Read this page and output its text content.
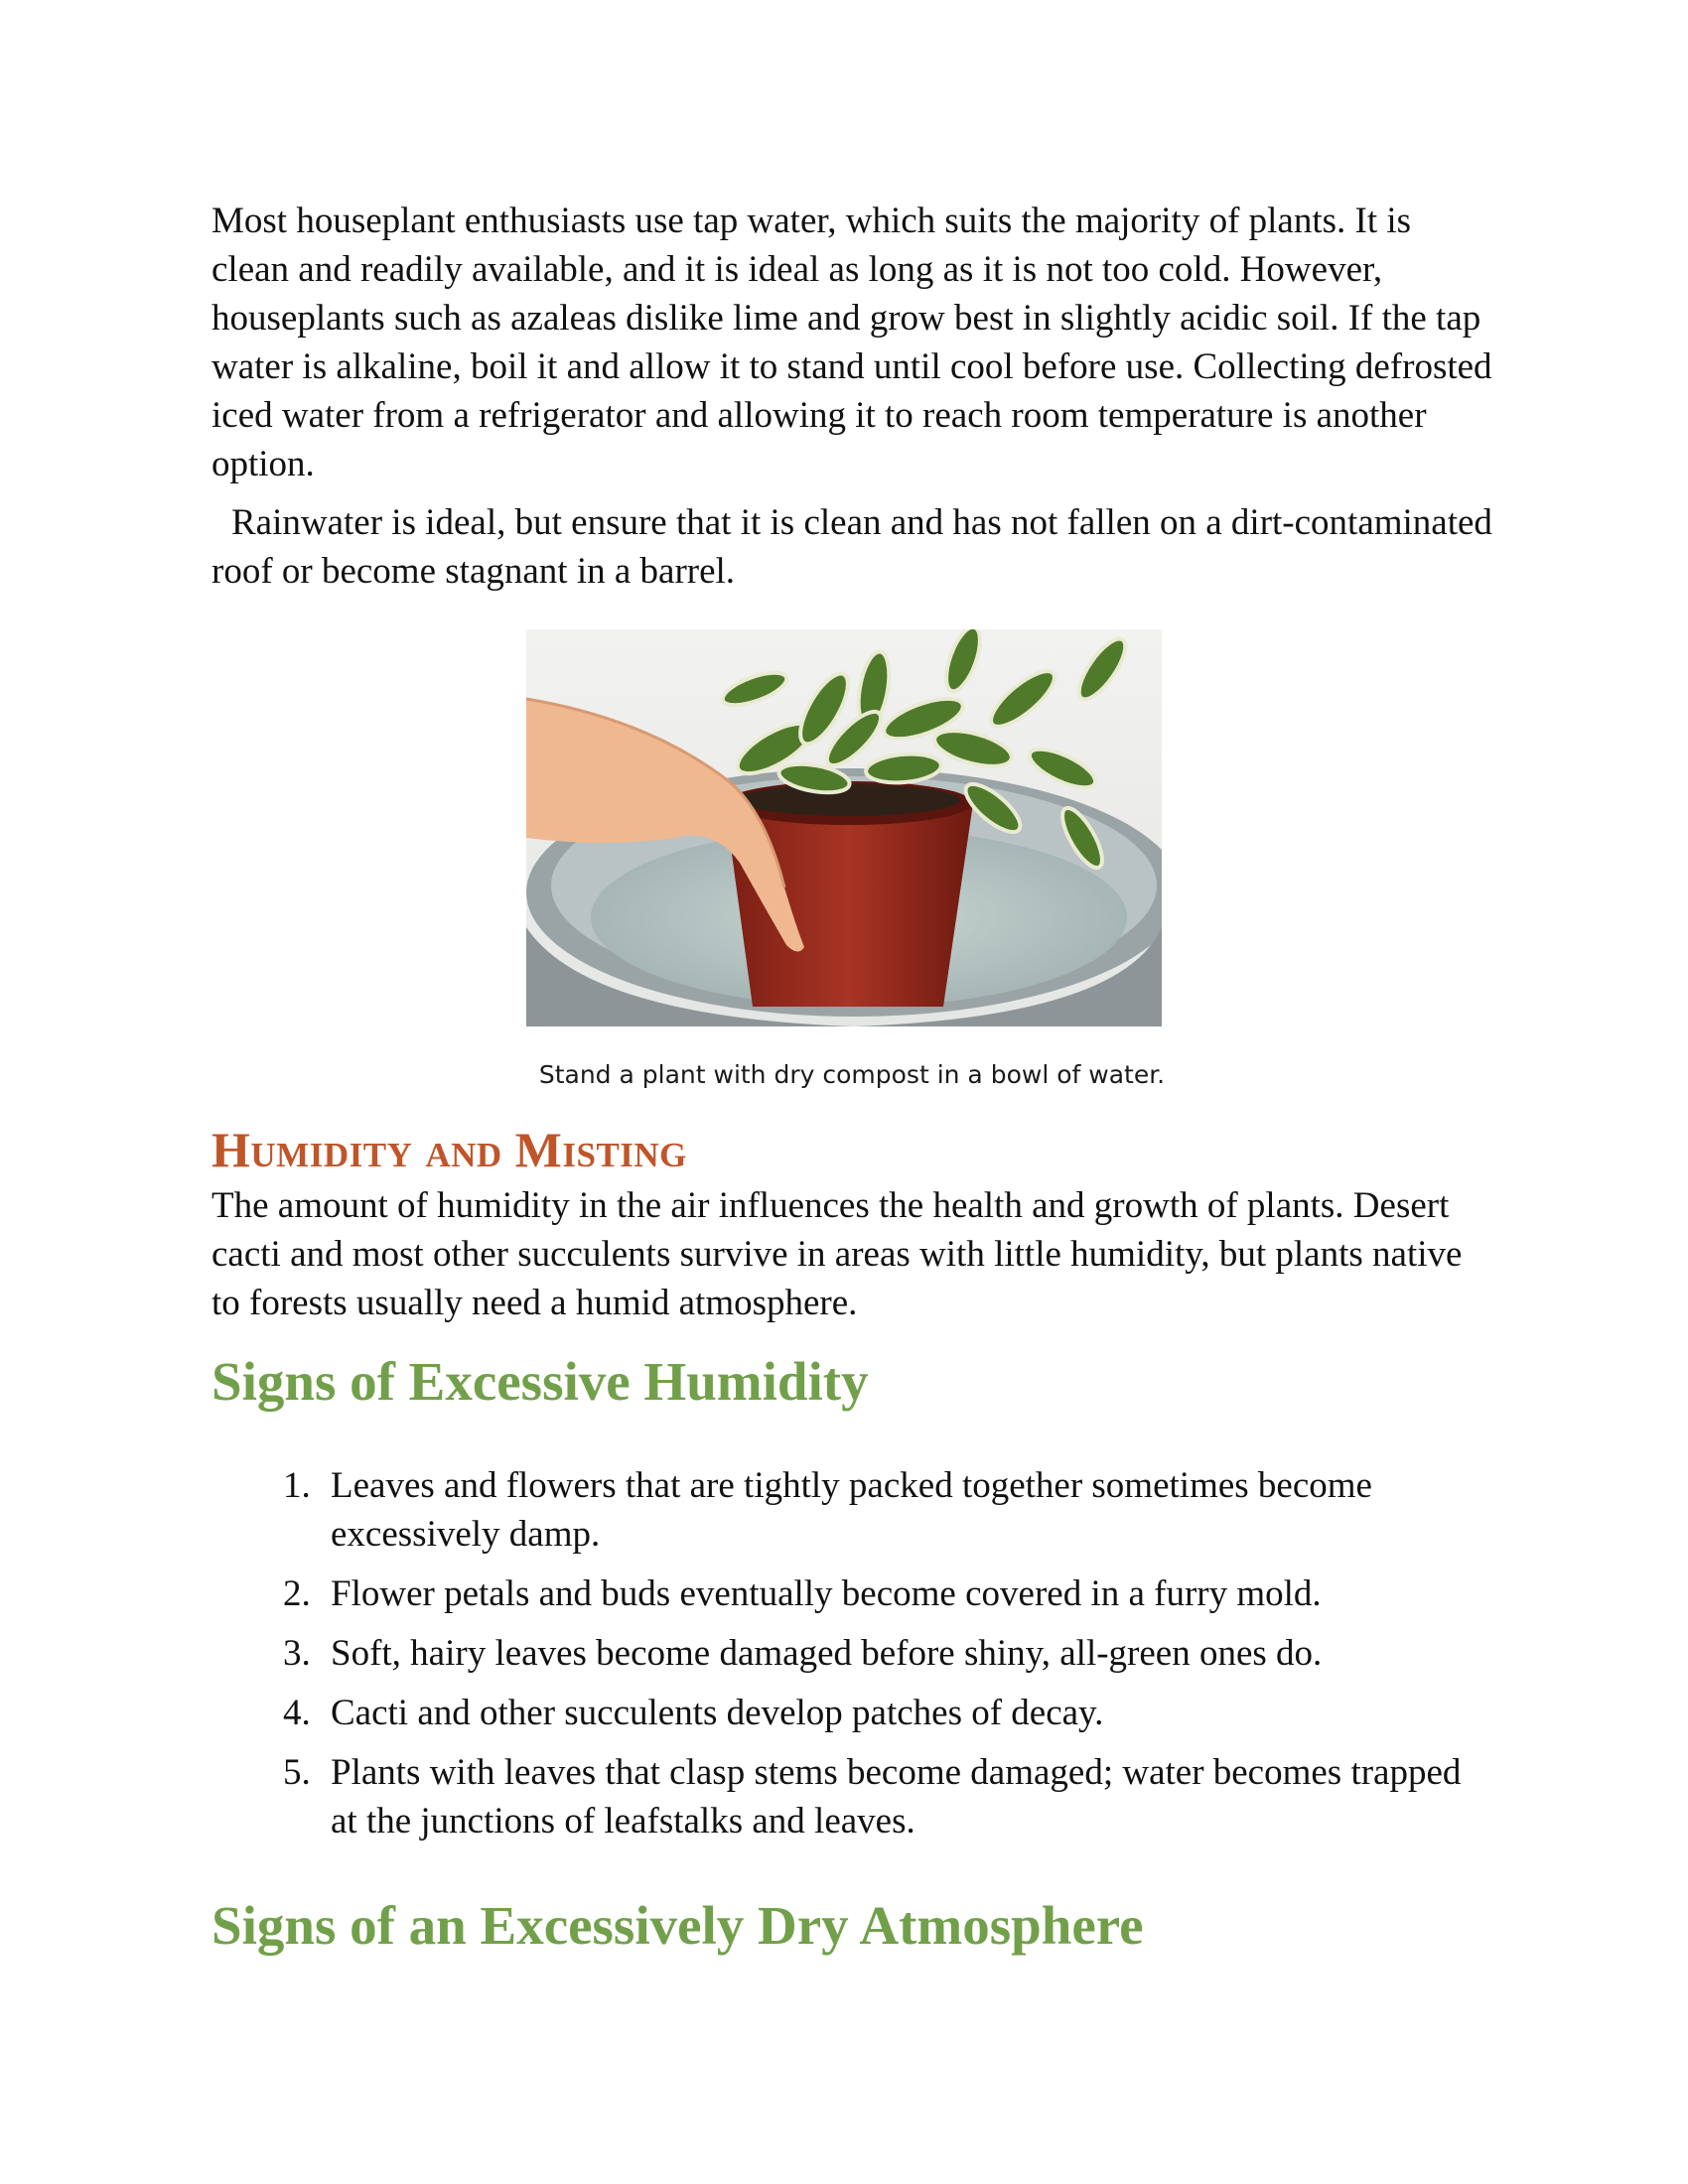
Most houseplant enthusiasts use tap water, which suits the majority of plants. It is clean and readily available, and it is ideal as long as it is not too cold. However, houseplants such as azaleas dislike lime and grow best in slightly acidic soil. If the tap water is alkaline, boil it and allow it to stand until cool before use. Collecting defrosted iced water from a refrigerator and allowing it to reach room temperature is another option.

Rainwater is ideal, but ensure that it is clean and has not fallen on a dirt-contaminated roof or become stagnant in a barrel.

Stand a plant with dry compost in a bowl of water.
Humidity and Misting

The amount of humidity in the air influences the health and growth of plants. Desert cacti and most other succulents survive in areas with little humidity, but plants native to forests usually need a humid atmosphere.

Signs of Excessive Humidity
1. Leaves and flowers that are tightly packed together sometimes become excessively damp.
2. Flower petals and buds eventually become covered in a furry mold.
3. Soft, hairy leaves become damaged before shiny, all-green ones do.
4. Cacti and other succulents develop patches of decay.
5. Plants with leaves that clasp stems become damaged; water becomes trapped at the junctions of leafstalks and leaves.
Signs of an Excessively Dry Atmosphere
